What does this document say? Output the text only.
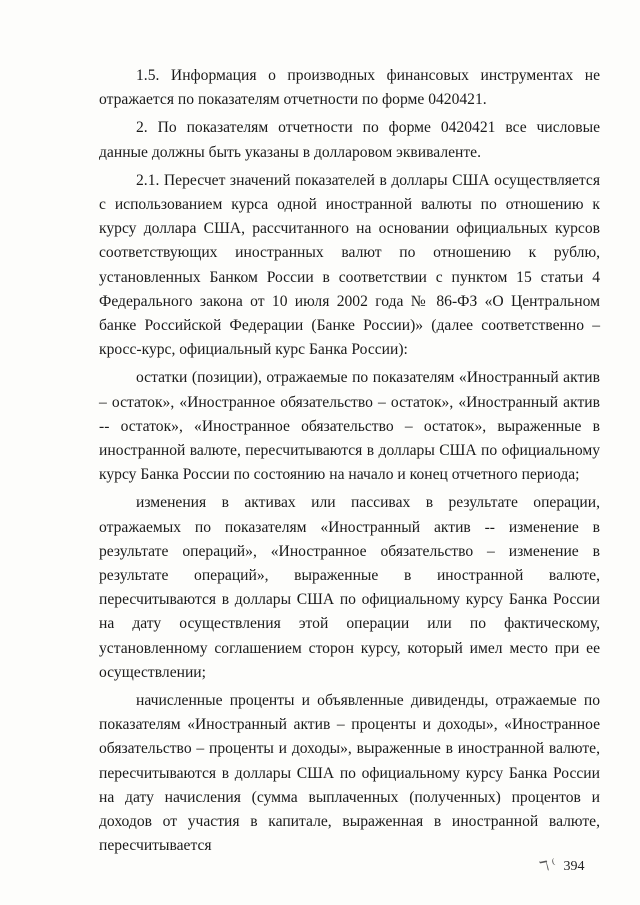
1.5. Информация о производных финансовых инструментах не отражается по показателям отчетности по форме 0420421.

2. По показателям отчетности по форме 0420421 все числовые данные должны быть указаны в долларовом эквиваленте.

2.1. Пересчет значений показателей в доллары США осуществляется с использованием курса одной иностранной валюты по отношению к курсу доллара США, рассчитанного на основании официальных курсов соответствующих иностранных валют по отношению к рублю, установленных Банком России в соответствии с пунктом 15 статьи 4 Федерального закона от 10 июля 2002 года № 86-ФЗ «О Центральном банке Российской Федерации (Банке России)» (далее соответственно – кросс-курс, официальный курс Банка России):

остатки (позиции), отражаемые по показателям «Иностранный актив – остаток», «Иностранное обязательство – остаток», «Иностранный актив -- остаток», «Иностранное обязательство – остаток», выраженные в иностранной валюте, пересчитываются в доллары США по официальному курсу Банка России по состоянию на начало и конец отчетного периода;

изменения в активах или пассивах в результате операции, отражаемых по показателям «Иностранный актив -- изменение в результате операций», «Иностранное обязательство – изменение в результате операций», выраженные в иностранной валюте, пересчитываются в доллары США по официальному курсу Банка России на дату осуществления этой операции или по фактическому, установленному соглашением сторон курсу, который имел место при ее осуществлении;

начисленные проценты и объявленные дивиденды, отражаемые по показателям «Иностранный актив – проценты и доходы», «Иностранное обязательство – проценты и доходы», выраженные в иностранной валюте, пересчитываются в доллары США по официальному курсу Банка России на дату начисления (сумма выплаченных (полученных) процентов и доходов от участия в капитале, выраженная в иностранной валюте, пересчитывается

ℸ ⁽ 394
